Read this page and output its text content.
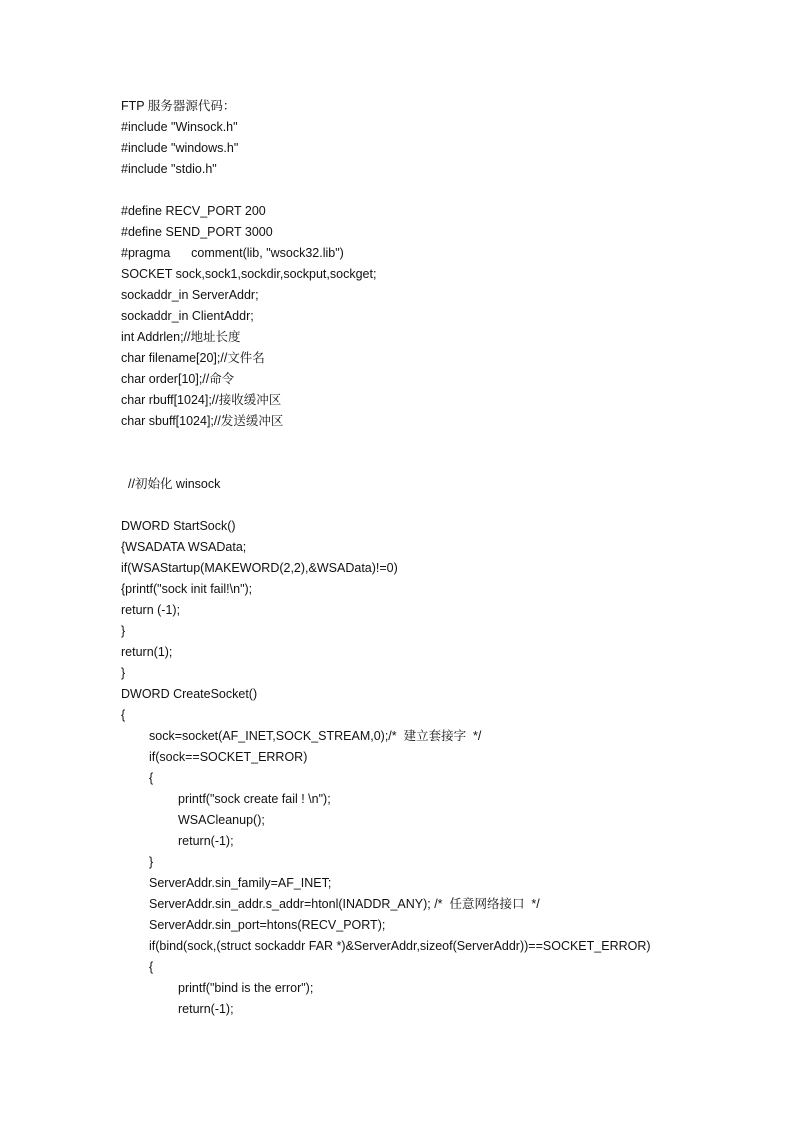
FTP 服务器源代码：
#include "Winsock.h"
#include "windows.h"
#include "stdio.h"
#define RECV_PORT 200
#define SEND_PORT 3000
#pragma      comment(lib, "wsock32.lib")
SOCKET sock,sock1,sockdir,sockput,sockget;
sockaddr_in ServerAddr;
sockaddr_in ClientAddr;
int Addrlen;//地址长度
char filename[20];//文件名
char order[10];//命令
char rbuff[1024];//接收缓冲区
char sbuff[1024];//发送缓冲区
//初始化 winsock
DWORD StartSock()
{WSADATA WSAData;
if(WSAStartup(MAKEWORD(2,2),&WSAData)!=0)
{printf("sock init fail!\n");
return (-1);
}
return(1);
}
DWORD CreateSocket()
{
sock=socket(AF_INET,SOCK_STREAM,0);/*  建立套接字  */
if(sock==SOCKET_ERROR)
{
printf("sock create fail ! \n");
WSACleanup();
return(-1);
}
ServerAddr.sin_family=AF_INET;
ServerAddr.sin_addr.s_addr=htonl(INADDR_ANY); /*  任意网络接口  */
ServerAddr.sin_port=htons(RECV_PORT);
if(bind(sock,(struct sockaddr FAR *)&ServerAddr,sizeof(ServerAddr))==SOCKET_ERROR)
{
printf("bind is the error");
return(-1);
